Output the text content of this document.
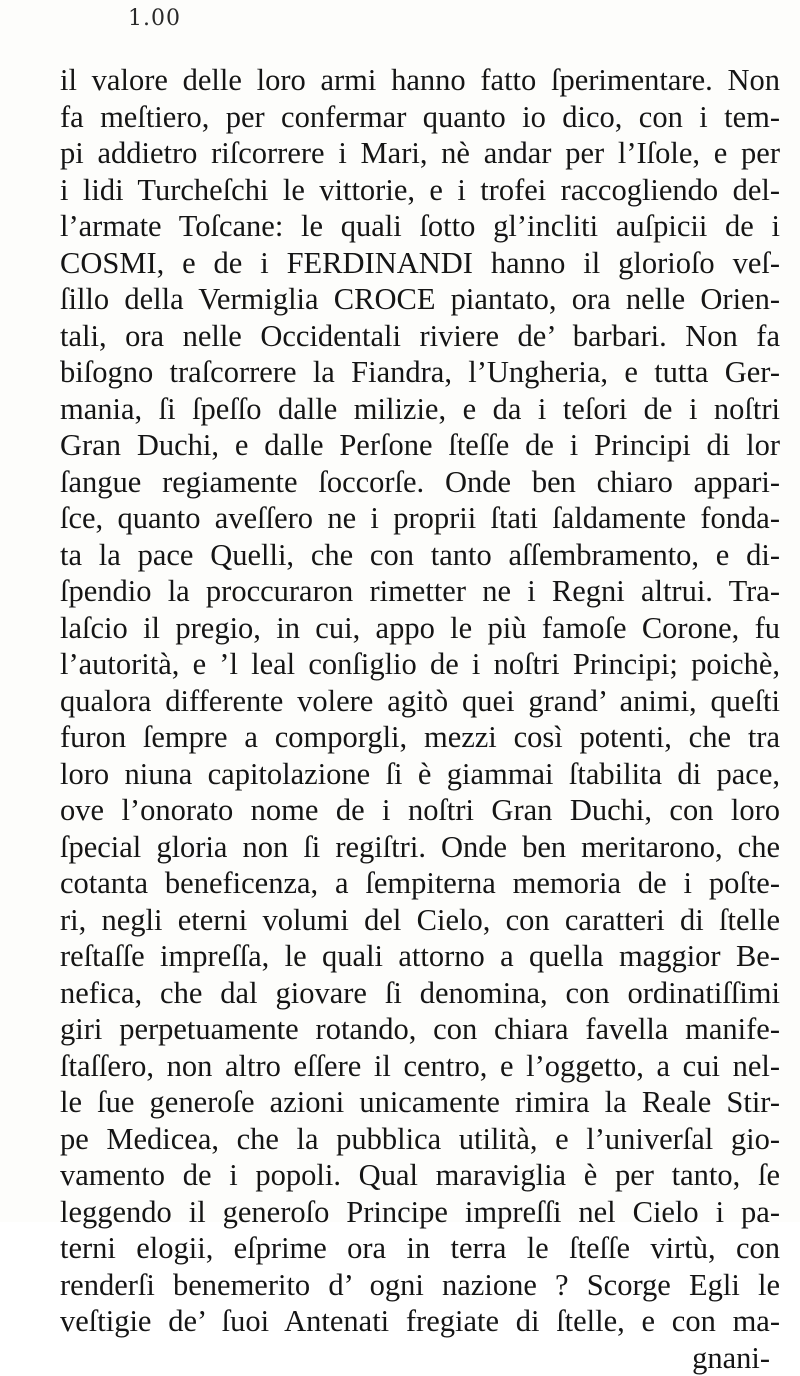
1.00
il valore delle loro armi hanno fatto ſperimentare. Non
fa meſtiero, per confermar quanto io dico, con i tem-
pi addietro riſcorrere i Mari, nè andar per l’Iſole, e per
i lidi Turcheſchi le vittorie, e i trofei raccogliendo del-
l’armate Toſcane: le quali ſotto gl’incliti auſpicii de i
COSMI, e de i FERDINANDI hanno il glorioſo veſ-
ſillo della Vermiglia CROCE piantato, ora nelle Orien-
tali, ora nelle Occidentali riviere de’ barbari. Non fa
biſogno traſcorrere la Fiandra, l’Ungheria, e tutta Ger-
mania, ſi ſpeſſo dalle milizie, e da i teſori de i noſtri
Gran Duchi, e dalle Perſone ſteſſe de i Principi di lor
ſangue regiamente ſoccorſe. Onde ben chiaro appari-
ſce, quanto aveſſero ne i proprii ſtati ſaldamente fonda-
ta la pace Quelli, che con tanto aſſembramento, e di-
ſpendio la proccuraron rimetter ne i Regni altrui. Tra-
laſcio il pregio, in cui, appo le più famoſe Corone, fu
l’autorità, e ’l leal conſiglio de i noſtri Principi; poichè,
qualora differente volere agitò quei grand’ animi, queſti
furon ſempre a comporgli, mezzi così potenti, che tra
loro niuna capitolazione ſi è giammai ſtabilita di pace,
ove l’onorato nome de i noſtri Gran Duchi, con loro
ſpecial gloria non ſi regiſtri. Onde ben meritarono, che
cotanta beneficenza, a ſempiterna memoria de i poſte-
ri, negli eterni volumi del Cielo, con caratteri di ſtelle
reſtaſſe impreſſa, le quali attorno a quella maggior Be-
nefica, che dal giovare ſi denomina, con ordinatiſſimi
giri perpetuamente rotando, con chiara favella manife-
ſtaſſero, non altro eſſere il centro, e l’oggetto, a cui nel-
le ſue generoſe azioni unicamente rimira la Reale Stir-
pe Medicea, che la pubblica utilità, e l’univerſal gio-
vamento de i popoli. Qual maraviglia è per tanto, ſe
leggendo il generoſo Principe impreſſi nel Cielo i pa-
terni elogii, eſprime ora in terra le ſteſſe virtù, con
renderſi benemerito d’ ogni nazione ? Scorge Egli le
veſtigie de’ ſuoi Antenati fregiate di ſtelle, e con ma-
gnani-
